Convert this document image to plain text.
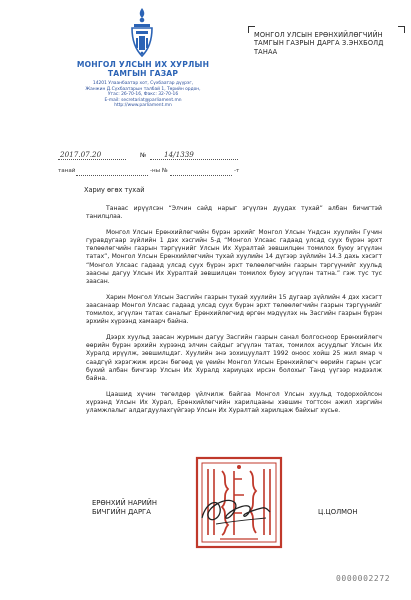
МОНГОЛ УЛСЫН ИХ ХУРЛЫН
ТАМГЫН ГАЗАР
14201 Улаанбаатар хот, Сүхбаатар дүүрэг,
Жанжин Д.Сүхбаатарын талбай 1, Төрийн ордон,
Утас: 26-70-16, Факс: 32-70-16
E-mail: secretariat@parliament.mn
http://www.parliament.mn
МОНГОЛ УЛСЫН ЕРӨНХИЙЛӨГЧИЙН
ТАМГЫН ГАЗРЫН ДАРГА З.ЭНХБОЛД
ТАНАА
2017.07.20	№ 14/1339
танай	-ны №	-т
Хариу өгөх тухай

Танаас ирүүлсэн “Элчин сайд нарыг эгүүлэн дуудах тухай” албан бичигтэй танилцлаа.

Монгол Улсын Ерөнхийлөгчийн бүрэн эрхийг Монгол Улсын Үндсэн хуулийн Гучин гуравдугаар зүйлийн 1 дэх хэсгийн 5-д “Монгол Улсаас гадаад улсад суух бүрэн эрхт төлөөлөгчийн газрын тэргүүнийг Улсын Их Хуралтай зөвшилцөн томилох буюу эгүүлэн татах”, Монгол Улсын Ерөнхийлөгчийн тухай хуулийн 14 дүгээр зүйлийн 14.3 дахь хэсэгт “Монгол Улсаас гадаад улсад суух бүрэн эрхт төлөөлөгчийн газрын тэргүүнийг хуульд заасны дагуу Улсын Их Хуралтай зөвшилцөн томилох буюу эгүүлэн татна.” гэж тус тус заасан.

Харин Монгол Улсын Засгийн газрын тухай хуулийн 15 дугаар зүйлийн 4 дэх хэсэгт заасанаар Монгол Улсаас гадаад улсад суух бүрэн эрхт төлөөлөгчийн газрын тэргүүнийг томилох, эгүүлэн татах саналыг Ерөнхийлөгчид өргөн мэдүүлэх нь Засгийн газрын бүрэн эрхийн хүрээнд хамаарч байна.

Дээрх хуульд заасан журмын дагуу Засгийн газрын санал болгосноор Ерөнхийлөгч өөрийн бүрэн эрхийн хүрээнд элчин сайдыг эгүүлэн татах, томилох асуудлыг Улсын Их Хуралд ирүүлж, зөвшилцдэг. Хуулийн энэ зохицуулалт 1992 оноос хойш 25 жил ямар ч саадгүй хэрэгжиж ирсэн бөгөөд үе үеийн Монгол Улсын Ерөнхийлөгч өөрийн гарын үсэг бүхий албан бичгээр Улсын Их Хуралд хариуцах ирсэн болохыг Танд үүгээр мэдээлж байна.

Цаашид хүчин төгөлдөр үйлчилж байгаа Монгол Улсын хуульд тодорхойлсон хүрээнд Улсын Их Хурал, Ерөнхийлөгчийн харилцааны хэвшин тогтсон ажил хэргийн уламжлалыг алдагдуулахгүйгээр Улсын Их Хуралтай харилцаж байхыг хүсье.

ЕРӨНХИЙ НАРИЙН
БИЧГИЙН ДАРГА	Ц.ЦОЛМОН
0000002272
